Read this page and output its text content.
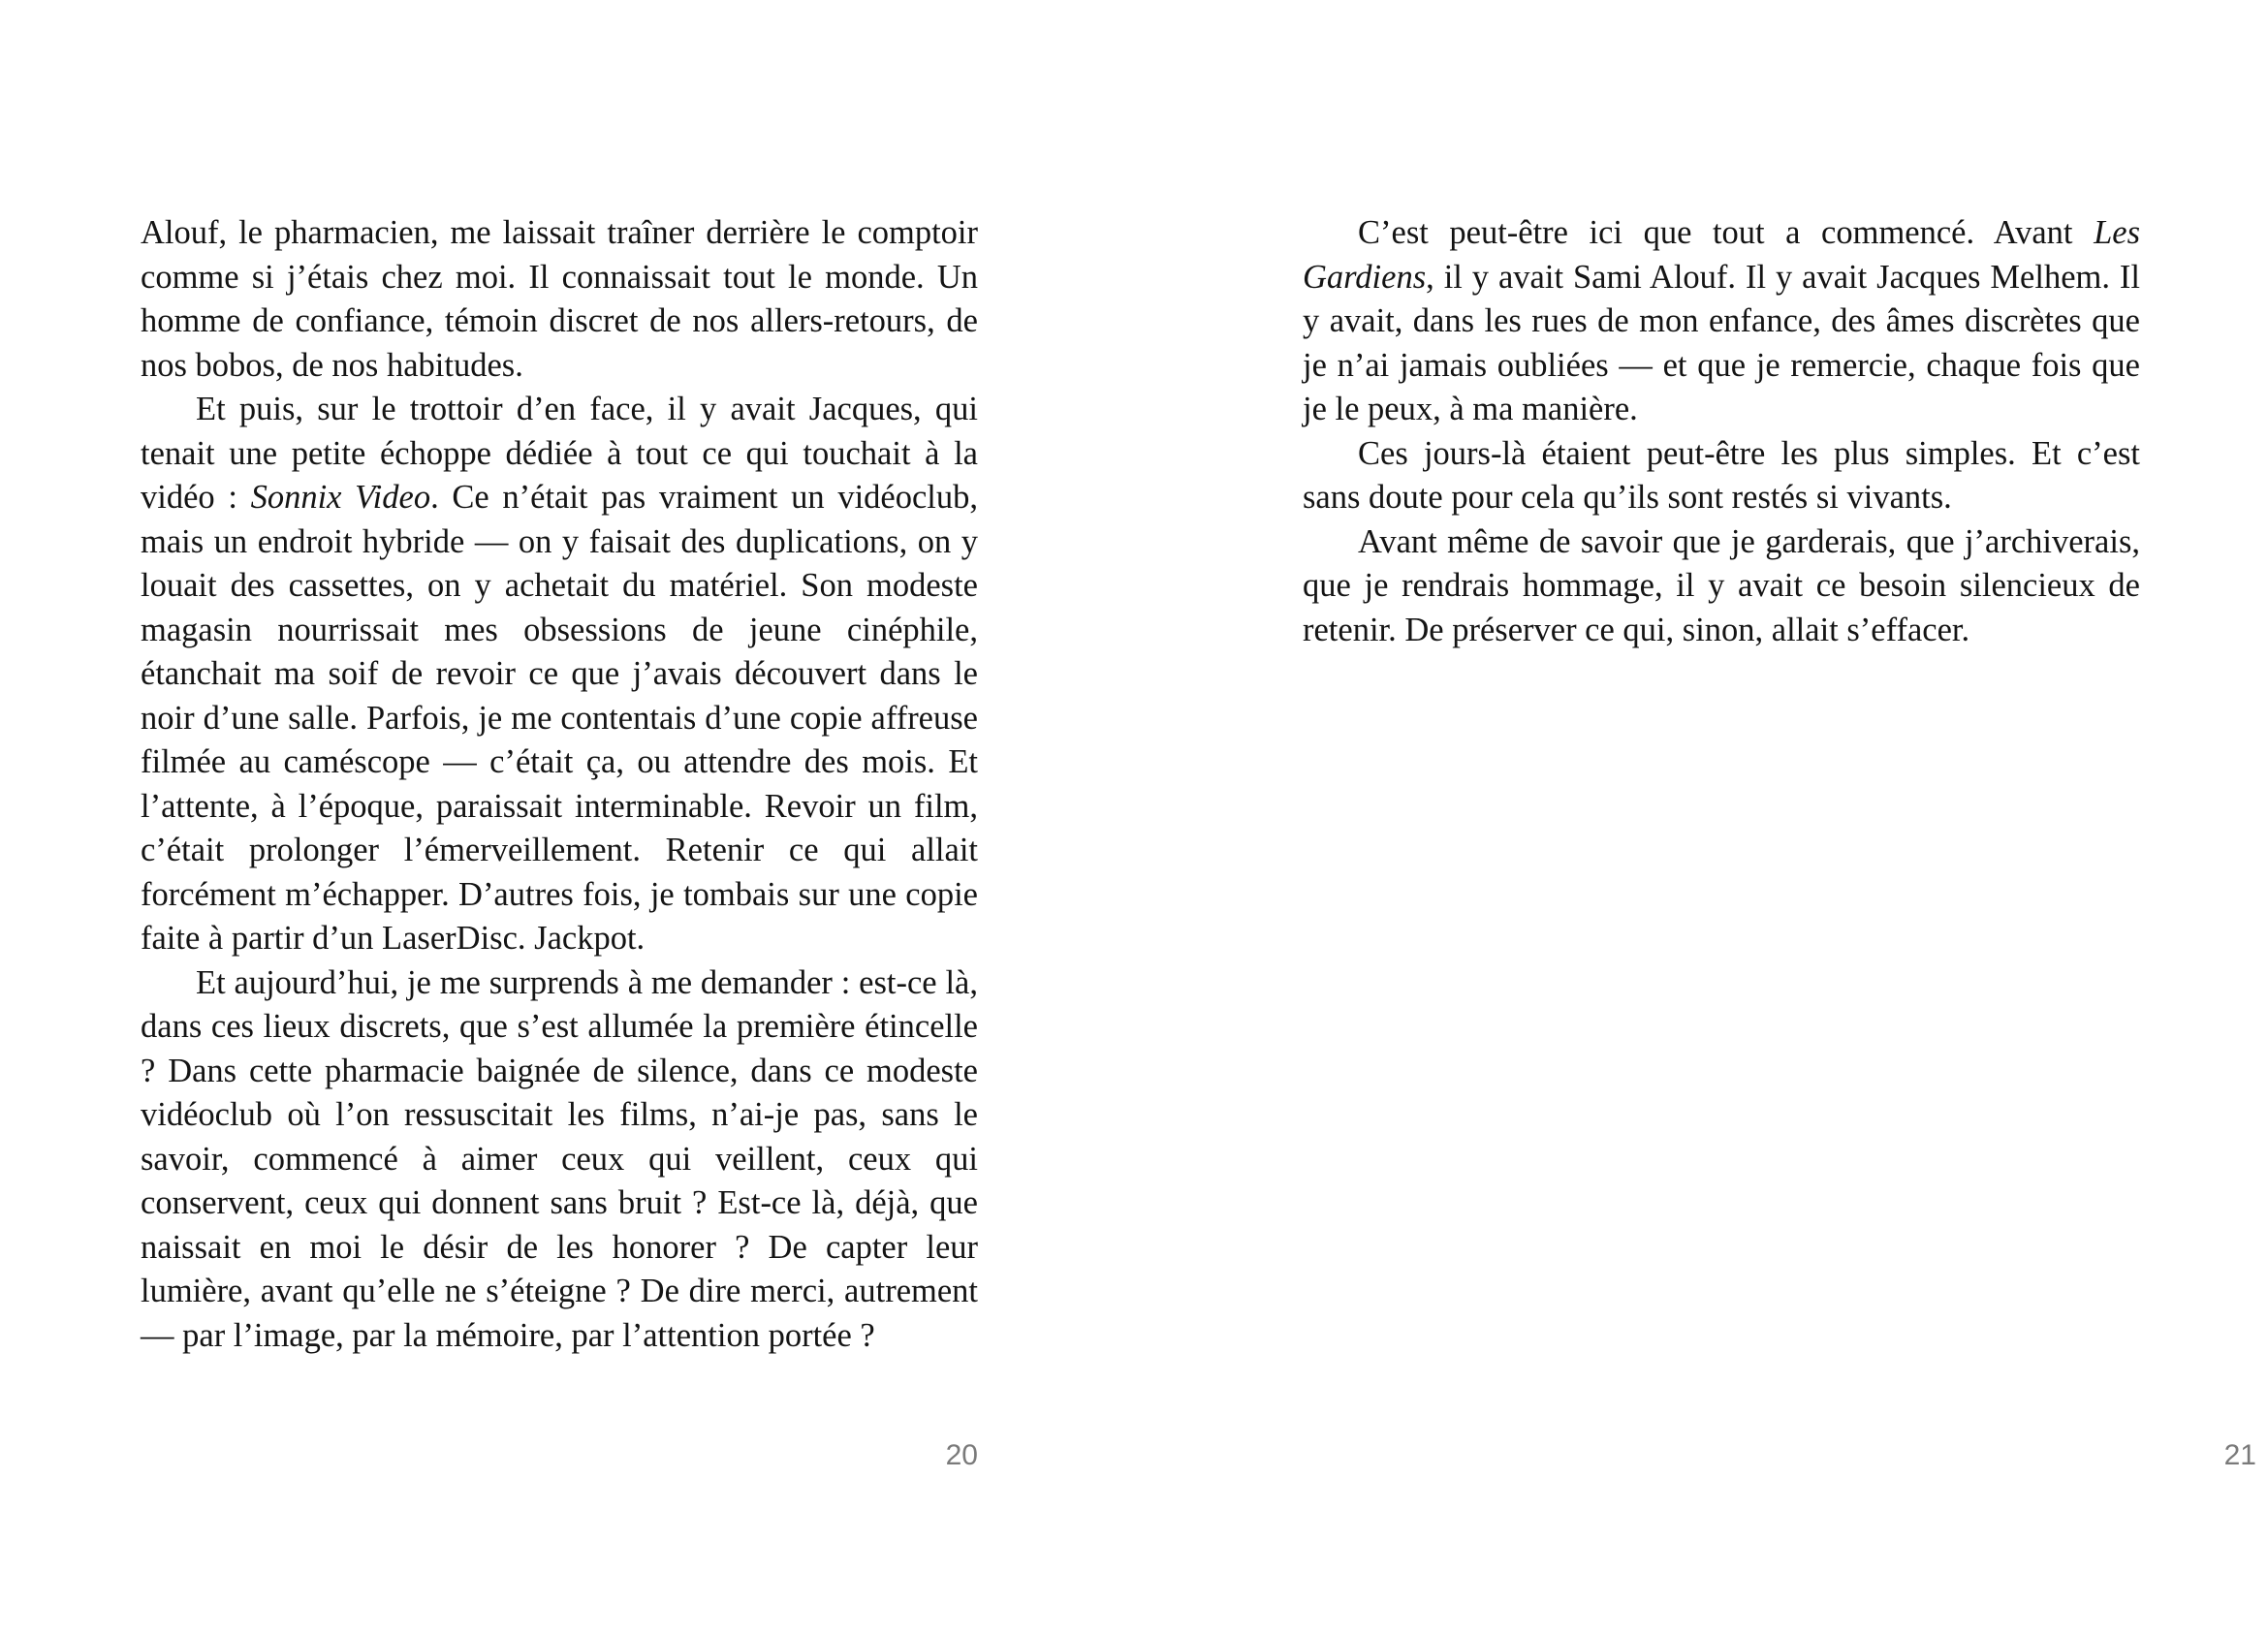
Alouf, le pharmacien, me laissait traîner derrière le comptoir comme si j’étais chez moi. Il connaissait tout le monde. Un homme de confiance, témoin discret de nos allers-retours, de nos bobos, de nos habitudes.

Et puis, sur le trottoir d’en face, il y avait Jacques, qui tenait une petite échoppe dédiée à tout ce qui touchait à la vidéo : Sonnix Video. Ce n’était pas vraiment un vidéoclub, mais un endroit hybride — on y faisait des duplications, on y louait des cassettes, on y achetait du matériel. Son modeste magasin nourrissait mes obsessions de jeune cinéphile, étanchait ma soif de revoir ce que j’avais découvert dans le noir d’une salle. Parfois, je me contentais d’une copie affreuse filmée au caméscope — c’était ça, ou attendre des mois. Et l’attente, à l’époque, paraissait interminable. Revoir un film, c’était prolonger l’émerveillement. Retenir ce qui allait forcément m’échapper. D’autres fois, je tombais sur une copie faite à partir d’un LaserDisc. Jackpot.

Et aujourd’hui, je me surprends à me demander : est-ce là, dans ces lieux discrets, que s’est allumée la première étincelle ? Dans cette pharmacie baignée de silence, dans ce modeste vidéoclub où l’on ressuscitait les films, n’ai-je pas, sans le savoir, commencé à aimer ceux qui veillent, ceux qui conservent, ceux qui donnent sans bruit ? Est-ce là, déjà, que naissait en moi le désir de les honorer ? De capter leur lumière, avant qu’elle ne s’éteigne ? De dire merci, autrement — par l’image, par la mémoire, par l’attention portée ?

20

C’est peut-être ici que tout a commencé. Avant Les Gardiens, il y avait Sami Alouf. Il y avait Jacques Melhem. Il y avait, dans les rues de mon enfance, des âmes discrètes que je n’ai jamais oubliées — et que je remercie, chaque fois que je le peux, à ma manière.

Ces jours-là étaient peut-être les plus simples. Et c’est sans doute pour cela qu’ils sont restés si vivants.

Avant même de savoir que je garderais, que j’archiverais, que je rendrais hommage, il y avait ce besoin silencieux de retenir. De préserver ce qui, sinon, allait s’effacer.

21
